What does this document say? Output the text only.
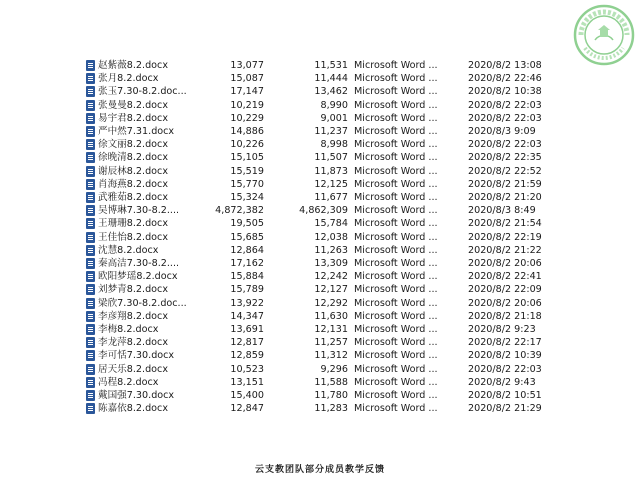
赵紫薇8.2.docx	13,077	11,531 Microsoft Word ...	2020/8/2 13:08
张月8.2.docx	15,087	11,444 Microsoft Word ...	2020/8/2 22:46
张玉7.30-8.2.doc...	17,147	13,462 Microsoft Word ...	2020/8/2 10:38
张曼曼8.2.docx	10,219	8,990 Microsoft Word ...	2020/8/2 22:03
易宇君8.2.docx	10,229	9,001 Microsoft Word ...	2020/8/2 22:03
严中然7.31.docx	14,886	11,237 Microsoft Word ...	2020/8/3 9:09
徐文丽8.2.docx	10,226	8,998 Microsoft Word ...	2020/8/2 22:03
徐晚清8.2.docx	15,105	11,507 Microsoft Word ...	2020/8/2 22:35
谢辰林8.2.docx	15,519	11,873 Microsoft Word ...	2020/8/2 22:52
肖海燕8.2.docx	15,770	12,125 Microsoft Word ...	2020/8/2 21:59
武雅茹8.2.docx	15,324	11,677 Microsoft Word ...	2020/8/2 21:20
吴博琳7.30-8.2....	4,872,382	4,862,309 Microsoft Word ...	2020/8/3 8:49
王珊珊8.2.docx	19,505	15,784 Microsoft Word ...	2020/8/2 21:54
王佳怡8.2.docx	15,685	12,038 Microsoft Word ...	2020/8/2 22:19
沈慧8.2.docx	12,864	11,263 Microsoft Word ...	2020/8/2 21:22
秦高洁7.30-8.2....	17,162	13,309 Microsoft Word ...	2020/8/2 20:06
欧阳梦瑶8.2.docx	15,884	12,242 Microsoft Word ...	2020/8/2 22:41
刘梦青8.2.docx	15,789	12,127 Microsoft Word ...	2020/8/2 22:09
梁欣7.30-8.2.doc...	13,922	12,292 Microsoft Word ...	2020/8/2 20:06
李彦翔8.2.docx	14,347	11,630 Microsoft Word ...	2020/8/2 21:18
李梅8.2.docx	13,691	12,131 Microsoft Word ...	2020/8/2 9:23
李龙萍8.2.docx	12,817	11,257 Microsoft Word ...	2020/8/2 22:17
李可恬7.30.docx	12,859	11,312 Microsoft Word ...	2020/8/2 10:39
居天乐8.2.docx	10,523	9,296 Microsoft Word ...	2020/8/2 22:03
冯程8.2.docx	13,151	11,588 Microsoft Word ...	2020/8/2 9:43
戴国强7.30.docx	15,400	11,780 Microsoft Word ...	2020/8/2 10:51
陈嘉依8.2.docx	12,847	11,283 Microsoft Word ...	2020/8/2 21:29
云支教团队部分成员教学反馈
